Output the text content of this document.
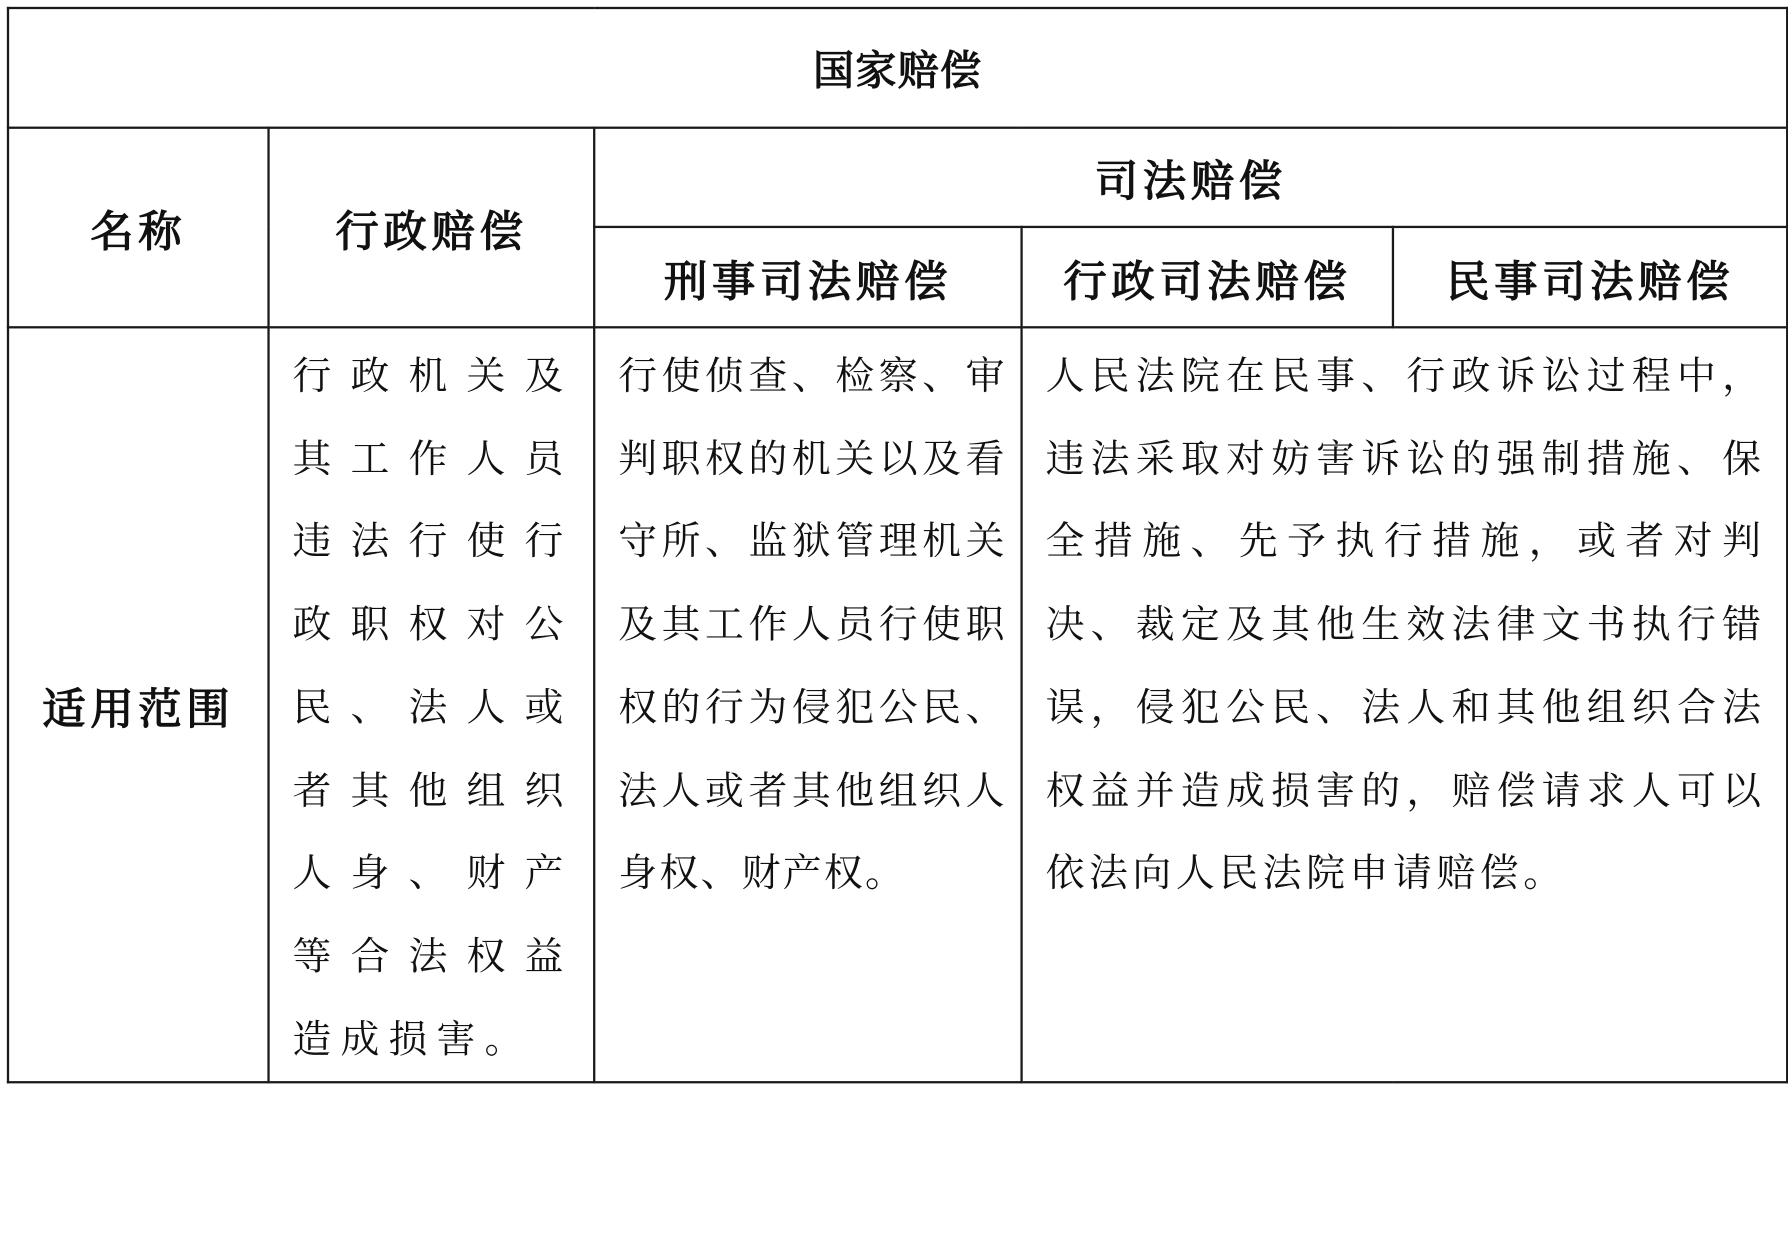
国家赔偿				
名称	行政赔偿	司法赔偿		
		刑事司法赔偿	行政司法赔偿	民事司法赔偿
适用范围	行政机关及其工作人员违法行使行政职权对公民、法人或者其他组织人身、财产等合法权益造成损害。	行使侦查、检察、审判职权的机关以及看守所、监狱管理机关及其工作人员行使职权的行为侵犯公民、法人或者其他组织人身权、财产权。	人民法院在民事、行政诉讼过程中，违法采取对妨害诉讼的强制措施、保全措施、先予执行措施，或者对判决、裁定及其他生效法律文书执行错误，侵犯公民、法人和其他组织合法权益并造成损害的，赔偿请求人可以依法向人民法院申请赔偿。	
